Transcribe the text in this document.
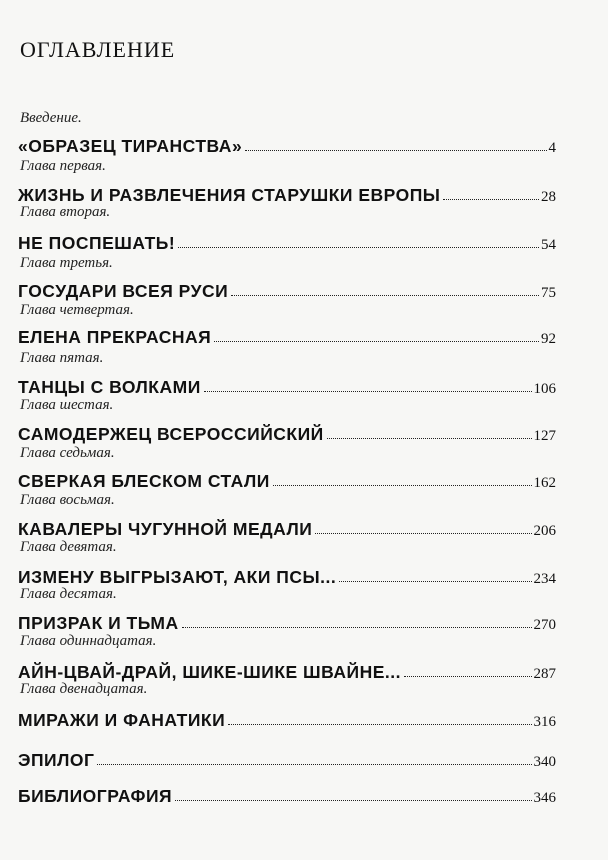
ОГЛАВЛЕНИЕ
Введение.
«ОБРАЗЕЦ ТИРАНСТВА»	4
Глава первая.
ЖИЗНЬ И РАЗВЛЕЧЕНИЯ СТАРУШКИ ЕВРОПЫ	28
Глава вторая.
НЕ ПОСПЕШАТЬ!	54
Глава третья.
ГОСУДАРИ ВСЕЯ РУСИ	75
Глава четвертая.
ЕЛЕНА ПРЕКРАСНАЯ	92
Глава пятая.
ТАНЦЫ С ВОЛКАМИ	106
Глава шестая.
САМОДЕРЖЕЦ ВСЕРОССИЙСКИЙ	127
Глава седьмая.
СВЕРКАЯ БЛЕСКОМ СТАЛИ	162
Глава восьмая.
КАВАЛЕРЫ ЧУГУННОЙ МЕДАЛИ	206
Глава девятая.
ИЗМЕНУ ВЫГРЫЗАЮТ, АКИ ПСЫ...	234
Глава десятая.
ПРИЗРАК И ТЬМА	270
Глава одиннадцатая.
АЙН-ЦВАЙ-ДРАЙ, ШИКЕ-ШИКЕ ШВАЙНЕ...	287
Глава двенадцатая.
МИРАЖИ И ФАНАТИКИ	316
ЭПИЛОГ	340
БИБЛИОГРАФИЯ	346
